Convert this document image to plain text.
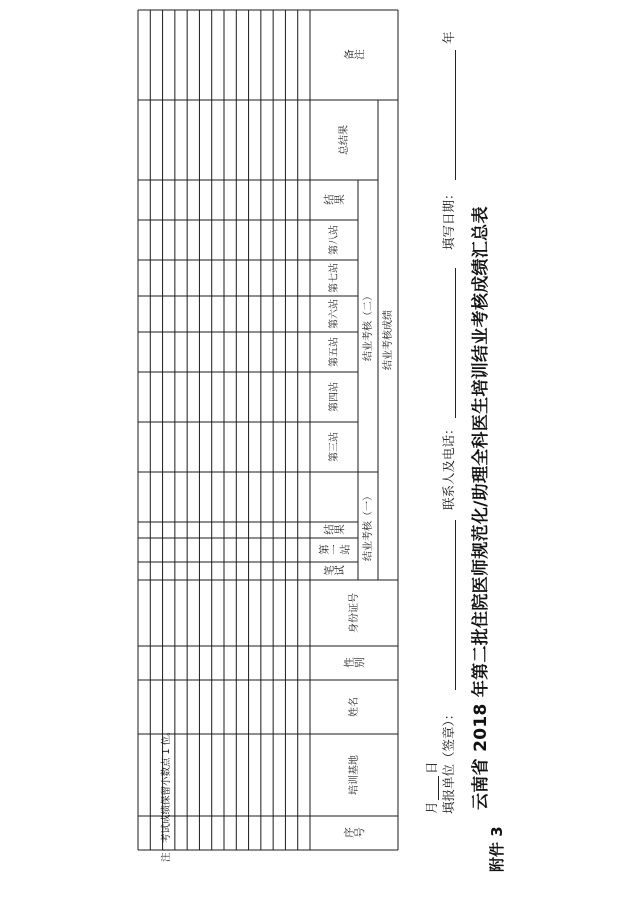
附件 3
云南省 2018 年第二批住院医师规范化/助理全科医生培训结业考核成绩汇总表
填报单位（签章）：
联系人及电话：
填写日期：
年
月
日
序号
培训基地
姓名
性别
身份证号
结业考核成绩
结业考核（一）
笔试
第一站
结果
结业考核（二）
第三站
第四站
第五站
第六站
第七站
第八站
结果
总结果
备注
注：考试成绩保留小数点 1 位。
